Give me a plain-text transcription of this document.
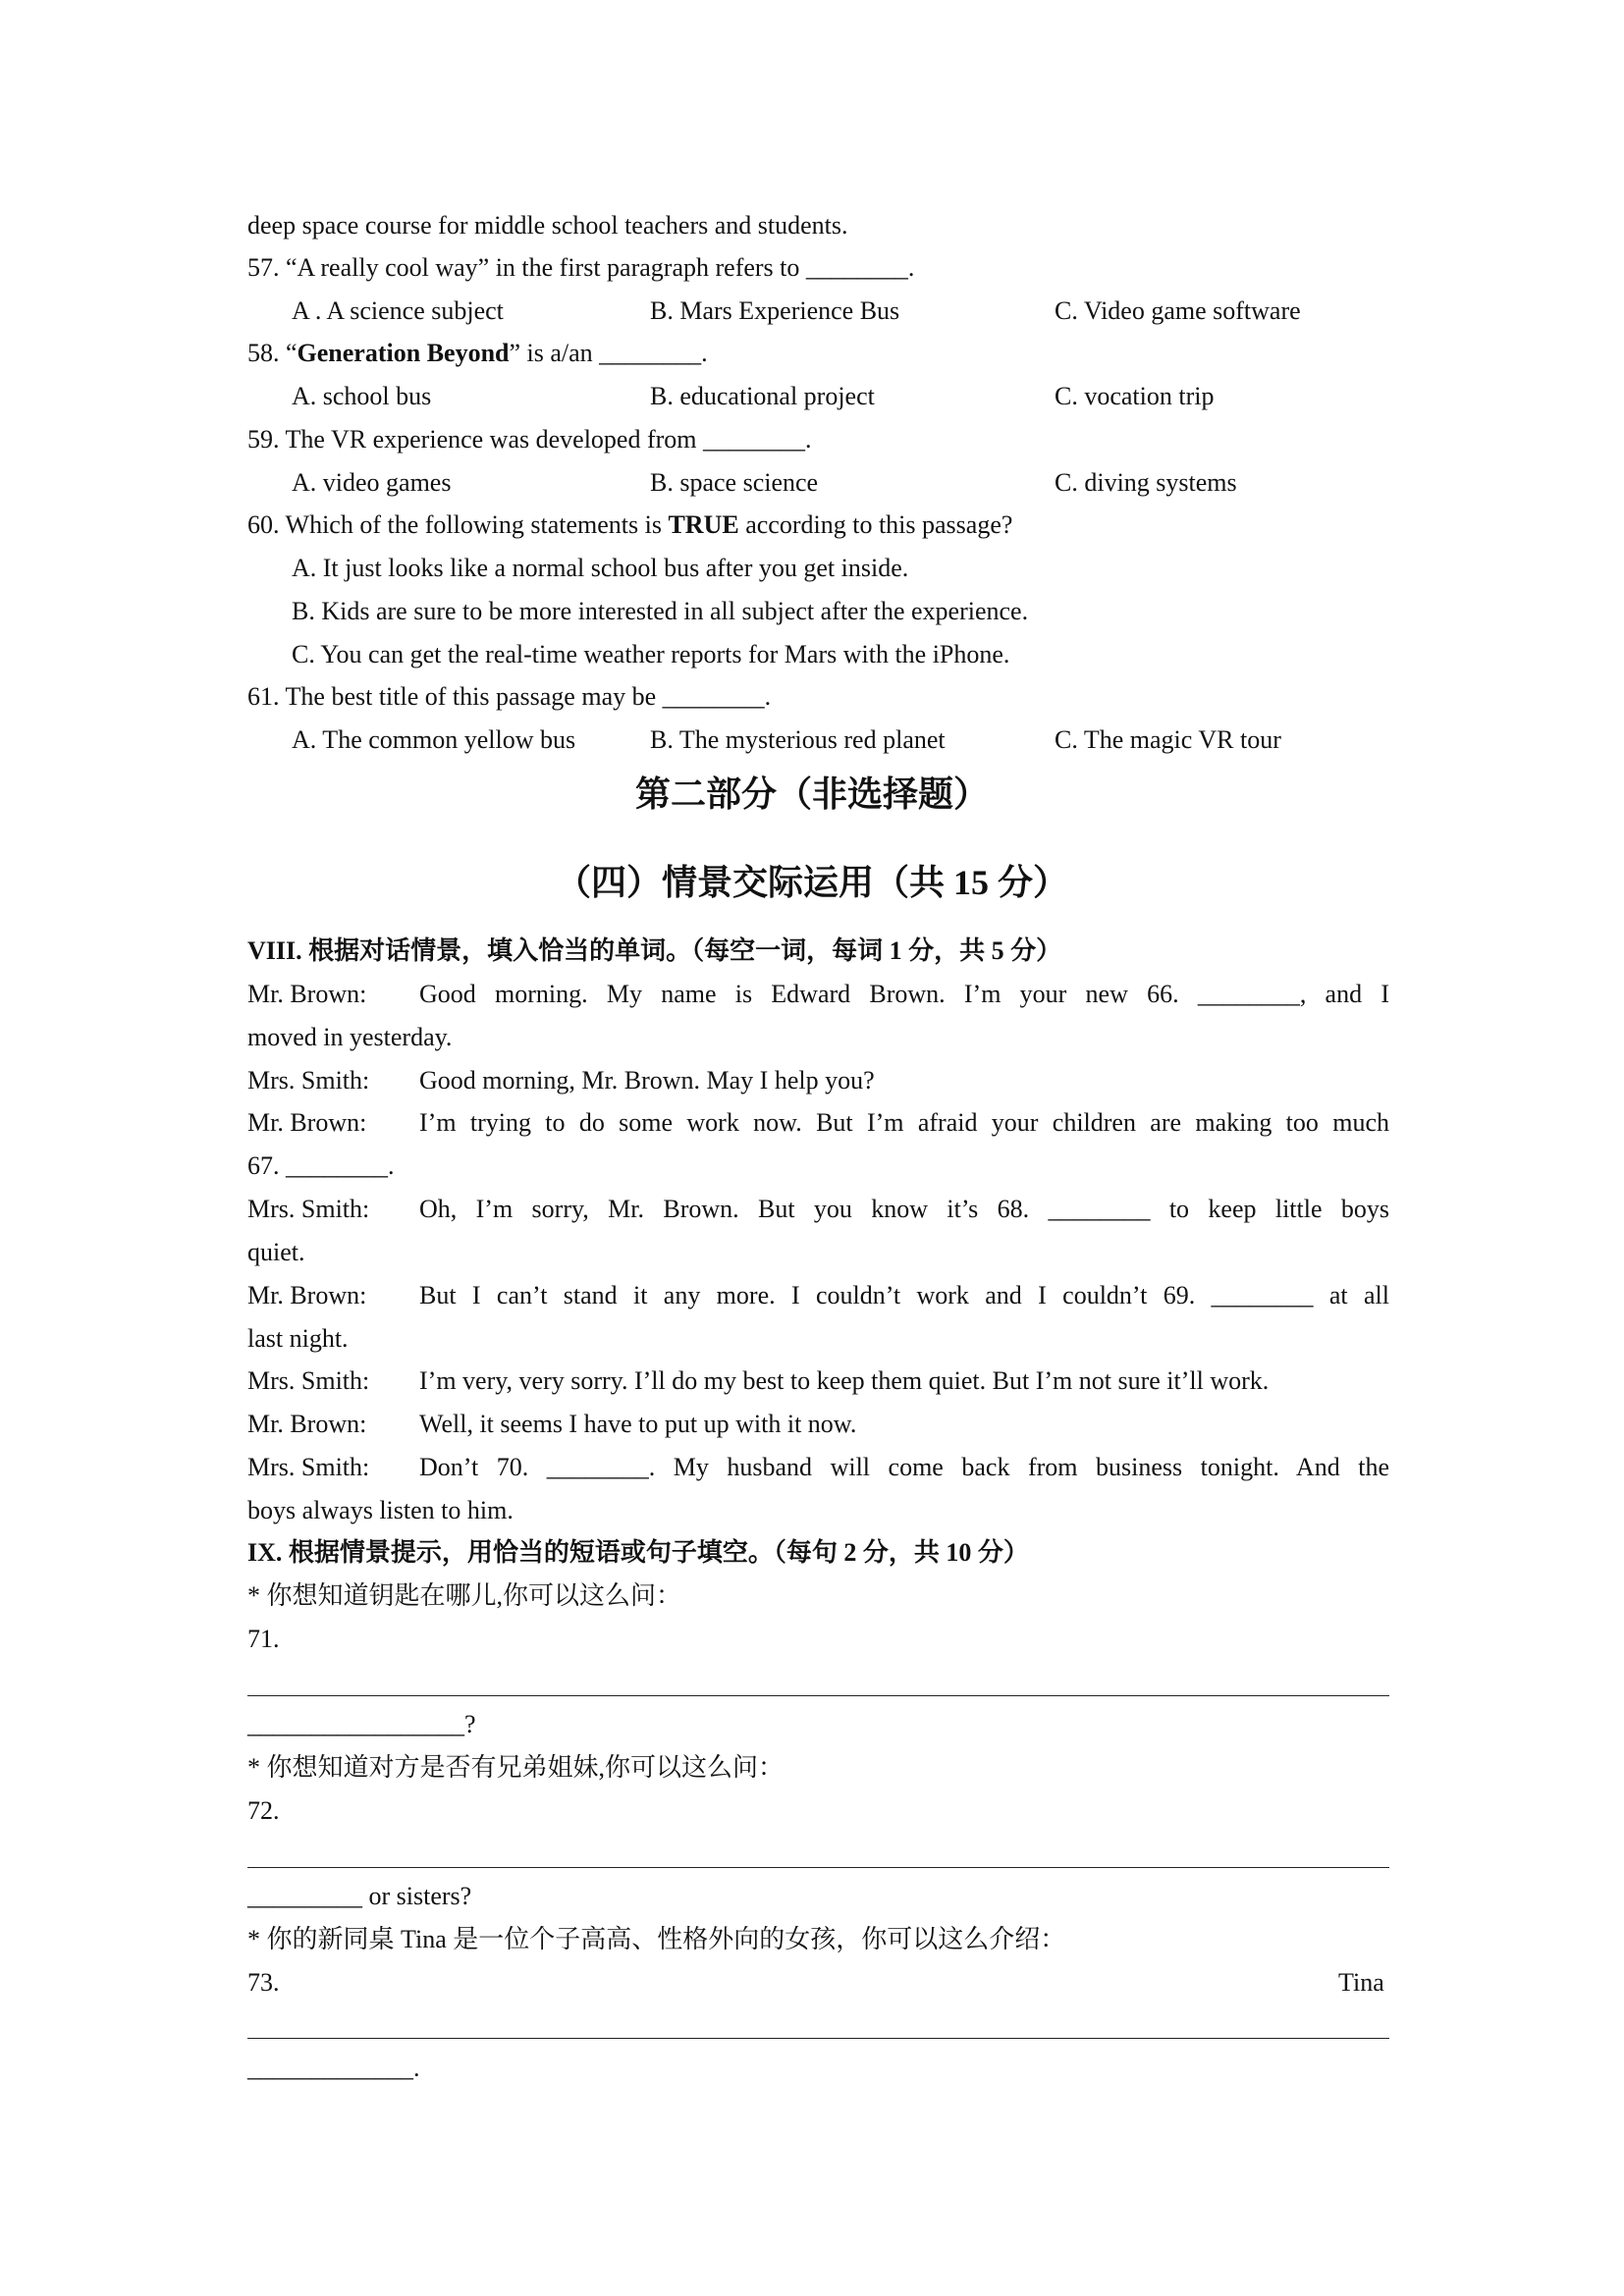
deep space course for middle school teachers and students.
57. “A really cool way” in the first paragraph refers to ________.
A . A science subject	B. Mars Experience Bus	C. Video game software
58. “Generation Beyond” is a/an ________.
A. school bus	B. educational project	C. vocation trip
59. The VR experience was developed from ________.
A. video games	B. space science	C. diving systems
60. Which of the following statements is TRUE according to this passage?
A. It just looks like a normal school bus after you get inside.
B. Kids are sure to be more interested in all subject after the experience.
C. You can get the real-time weather reports for Mars with the iPhone.
61. The best title of this passage may be ________.
A. The common yellow bus	B. The mysterious red planet	C. The magic VR tour
第二部分（非选择题）
（四）情景交际运用（共 15 分）
VIII. 根据对话情景，填入恰当的单词。（每空一词，每词 1 分，共 5 分）
Mr. Brown: Good morning. My name is Edward Brown. I’m your new 66. ________, and I
moved in yesterday.
Mrs. Smith: Good morning, Mr. Brown. May I help you?
Mr. Brown: I’m trying to do some work now. But I’m afraid your children are making too much
67. ________.
Mrs. Smith: Oh, I’m sorry, Mr. Brown. But you know it’s 68. ________ to keep little boys
quiet.
Mr. Brown: But I can’t stand it any more. I couldn’t work and I couldn’t 69. ________ at all
last night.
Mrs. Smith: I’m very, very sorry. I’ll do my best to keep them quiet. But I’m not sure it’ll work.
Mr. Brown: Well, it seems I have to put up with it now.
Mrs. Smith: Don’t 70. ________. My husband will come back from business tonight. And the
boys always listen to him.
IX. 根据情景提示，用恰当的短语或句子填空。（每句 2 分，共 10 分）
* 你想知道钥匙在哪儿,你可以这么问：
71.
_________________?
* 你想知道对方是否有兄弟姐妹,你可以这么问：
72.
_________ or sisters?
* 你的新同桌 Tina 是一位个子高高、性格外向的女孩，你可以这么介绍：
73.	Tina
_____________.
